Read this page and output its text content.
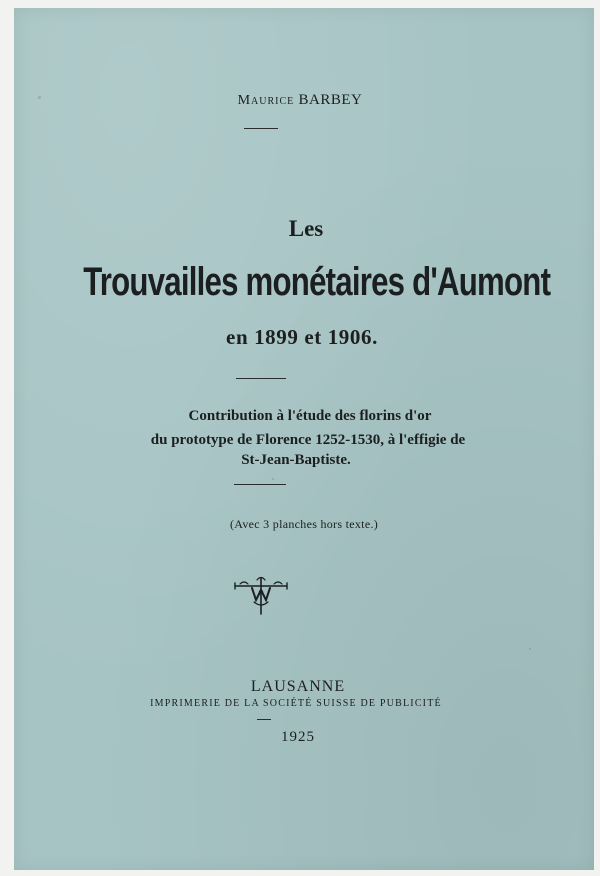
Maurice BARBEY
Les
Trouvailles monétaires d'Aumont
en 1899 et 1906.
Contribution à l'étude des florins d'or
du prototype de Florence 1252-1530, à l'effigie de
St-Jean-Baptiste.
(Avec 3 planches hors texte.)
LAUSANNE
IMPRIMERIE DE LA SOCIÉTÉ SUISSE DE PUBLICITÉ
1925
